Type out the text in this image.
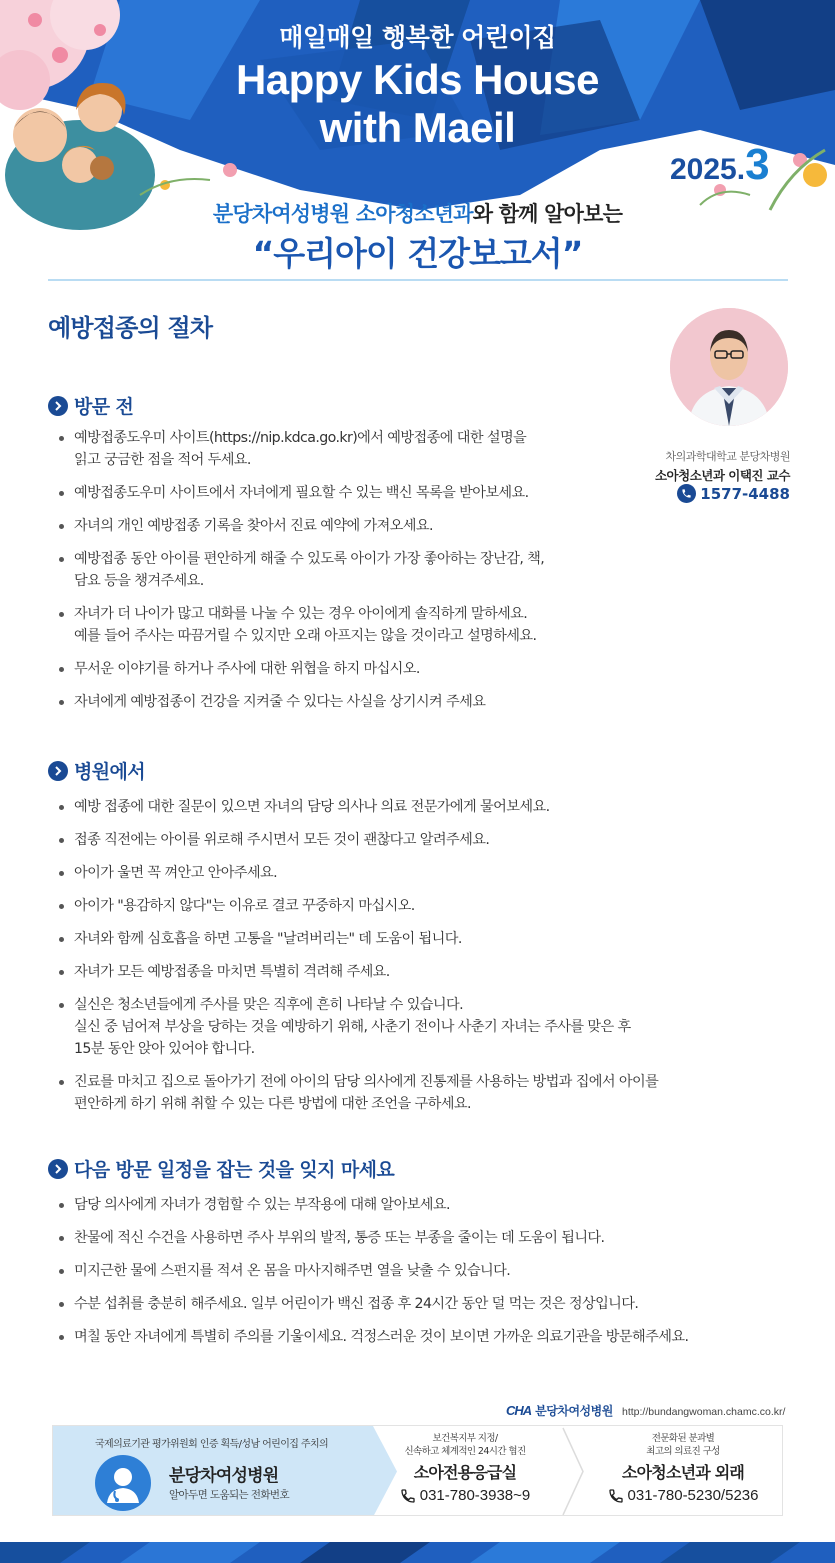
매일매일 행복한 어린이집
Happy Kids House
with Maeil
2025.3
분당차여성병원 소아청소년과와 함께 알아보는
“우리아이 건강보고서”
예방접종의 절차
차의과학대학교 분당차병원
소아청소년과 이택진 교수
1577-4488
방문 전
예방접종도우미 사이트(https://nip.kdca.go.kr)에서 예방접종에 대한 설명을
읽고 궁금한 점을 적어 두세요.
예방접종도우미 사이트에서 자녀에게 필요할 수 있는 백신 목록을 받아보세요.
자녀의 개인 예방접종 기록을 찾아서 진료 예약에 가져오세요.
예방접종 동안 아이를 편안하게 해줄 수 있도록 아이가 가장 좋아하는 장난감, 책,
담요 등을 챙겨주세요.
자녀가 더 나이가 많고 대화를 나눌 수 있는 경우 아이에게 솔직하게 말하세요.
예를 들어 주사는 따끔거릴 수 있지만 오래 아프지는 않을 것이라고 설명하세요.
무서운 이야기를 하거나 주사에 대한 위협을 하지 마십시오.
자녀에게 예방접종이 건강을 지켜줄 수 있다는 사실을 상기시켜 주세요
병원에서
예방 접종에 대한 질문이 있으면 자녀의 담당 의사나 의료 전문가에게 물어보세요.
접종 직전에는 아이를 위로해 주시면서 모든 것이 괜찮다고 알려주세요.
아이가 울면 꼭 껴안고 안아주세요.
아이가 "용감하지 않다"는 이유로 결코 꾸중하지 마십시오.
자녀와 함께 심호흡을 하면 고통을 "날려버리는" 데 도움이 됩니다.
자녀가 모든 예방접종을 마치면 특별히 격려해 주세요.
실신은 청소년들에게 주사를 맞은 직후에 흔히 나타날 수 있습니다.
실신 중 넘어져 부상을 당하는 것을 예방하기 위해, 사춘기 전이나 사춘기 자녀는 주사를 맞은 후
15분 동안 앉아 있어야 합니다.
진료를 마치고 집으로 돌아가기 전에 아이의 담당 의사에게 진통제를 사용하는 방법과 집에서 아이를
편안하게 하기 위해 취할 수 있는 다른 방법에 대한 조언을 구하세요.
다음 방문 일정을 잡는 것을 잊지 마세요
담당 의사에게 자녀가 경험할 수 있는 부작용에 대해 알아보세요.
찬물에 적신 수건을 사용하면 주사 부위의 발적, 통증 또는 부종을 줄이는 데 도움이 됩니다.
미지근한 물에 스펀지를 적셔 온 몸을 마사지해주면 열을 낮출 수 있습니다.
수분 섭취를 충분히 해주세요. 일부 어린이가 백신 접종 후 24시간 동안 덜 먹는 것은 정상입니다.
며칠 동안 자녀에게 특별히 주의를 기울이세요. 걱정스러운 것이 보이면 가까운 의료기관을 방문해주세요.
CHA 분당차여성병원 http://bundangwoman.chamc.co.kr/
국제의료기관 평가위원회 인증 획득/성남 어린이집 주치의
분당차여성병원
알아두면 도움되는 전화번호
보건복지부 지정/
신속하고 체계적인 24시간 협진
소아전용응급실
031-780-3938~9
전문화된 분과별
최고의 의료진 구성
소아청소년과 외래
031-780-5230/5236
